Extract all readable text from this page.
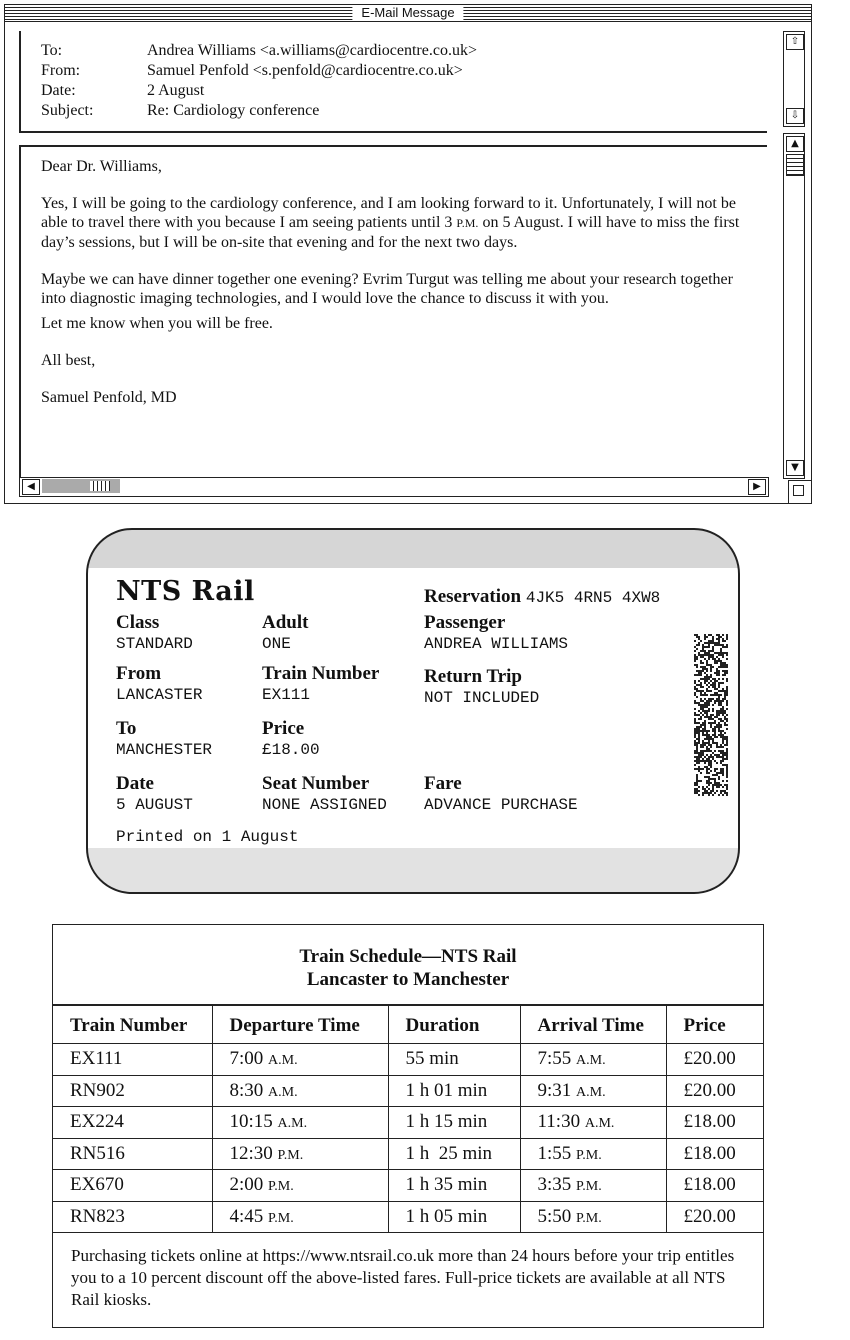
E-Mail Message
To:	Andrea Williams <a.williams@cardiocentre.co.uk>
From:	Samuel Penfold <s.penfold@cardiocentre.co.uk>
Date:	2 August
Subject:	Re: Cardiology conference
⇧
⇩

Dear Dr. Williams,

Yes, I will be going to the cardiology conference, and I am looking forward to it. Unfortunately, I will not be able to travel there with you because I am seeing patients until 3 P.M. on 5 August. I will have to miss the first day’s sessions, but I will be on-site that evening and for the next two days.

Maybe we can have dinner together one evening? Evrim Turgut was telling me about your research together into diagnostic imaging technologies, and I would love the chance to discuss it with you.

Let me know when you will be free.

All best,

Samuel Penfold, MD

▲
▼
◀	▶
NTS Rail	Reservation 4JK5 4RN5 4XW8
Class
STANDARD
Adult
ONE
Passenger
ANDREA WILLIAMS
From
LANCASTER
Train Number
EX111
Return Trip
NOT INCLUDED
To
MANCHESTER
Price
£18.00
Date
5 AUGUST
Seat Number
NONE ASSIGNED
Fare
ADVANCE PURCHASE
Printed on 1 August
Train Schedule—NTS Rail
Lancaster to Manchester
Train Number	Departure Time	Duration	Arrival Time	Price
EX111	7:00 A.M.	55 min	7:55 A.M.	£20.00
RN902	8:30 A.M.	1 h 01 min	9:31 A.M.	£20.00
EX224	10:15 A.M.	1 h 15 min	11:30 A.M.	£18.00
RN516	12:30 P.M.	1 h  25 min	1:55 P.M.	£18.00
EX670	2:00 P.M.	1 h 35 min	3:35 P.M.	£18.00
RN823	4:45 P.M.	1 h 05 min	5:50 P.M.	£20.00
Purchasing tickets online at https://www.ntsrail.co.uk more than 24 hours before your trip entitles you to a 10 percent discount off the above-listed fares. Full-price tickets are available at all NTS Rail kiosks.
